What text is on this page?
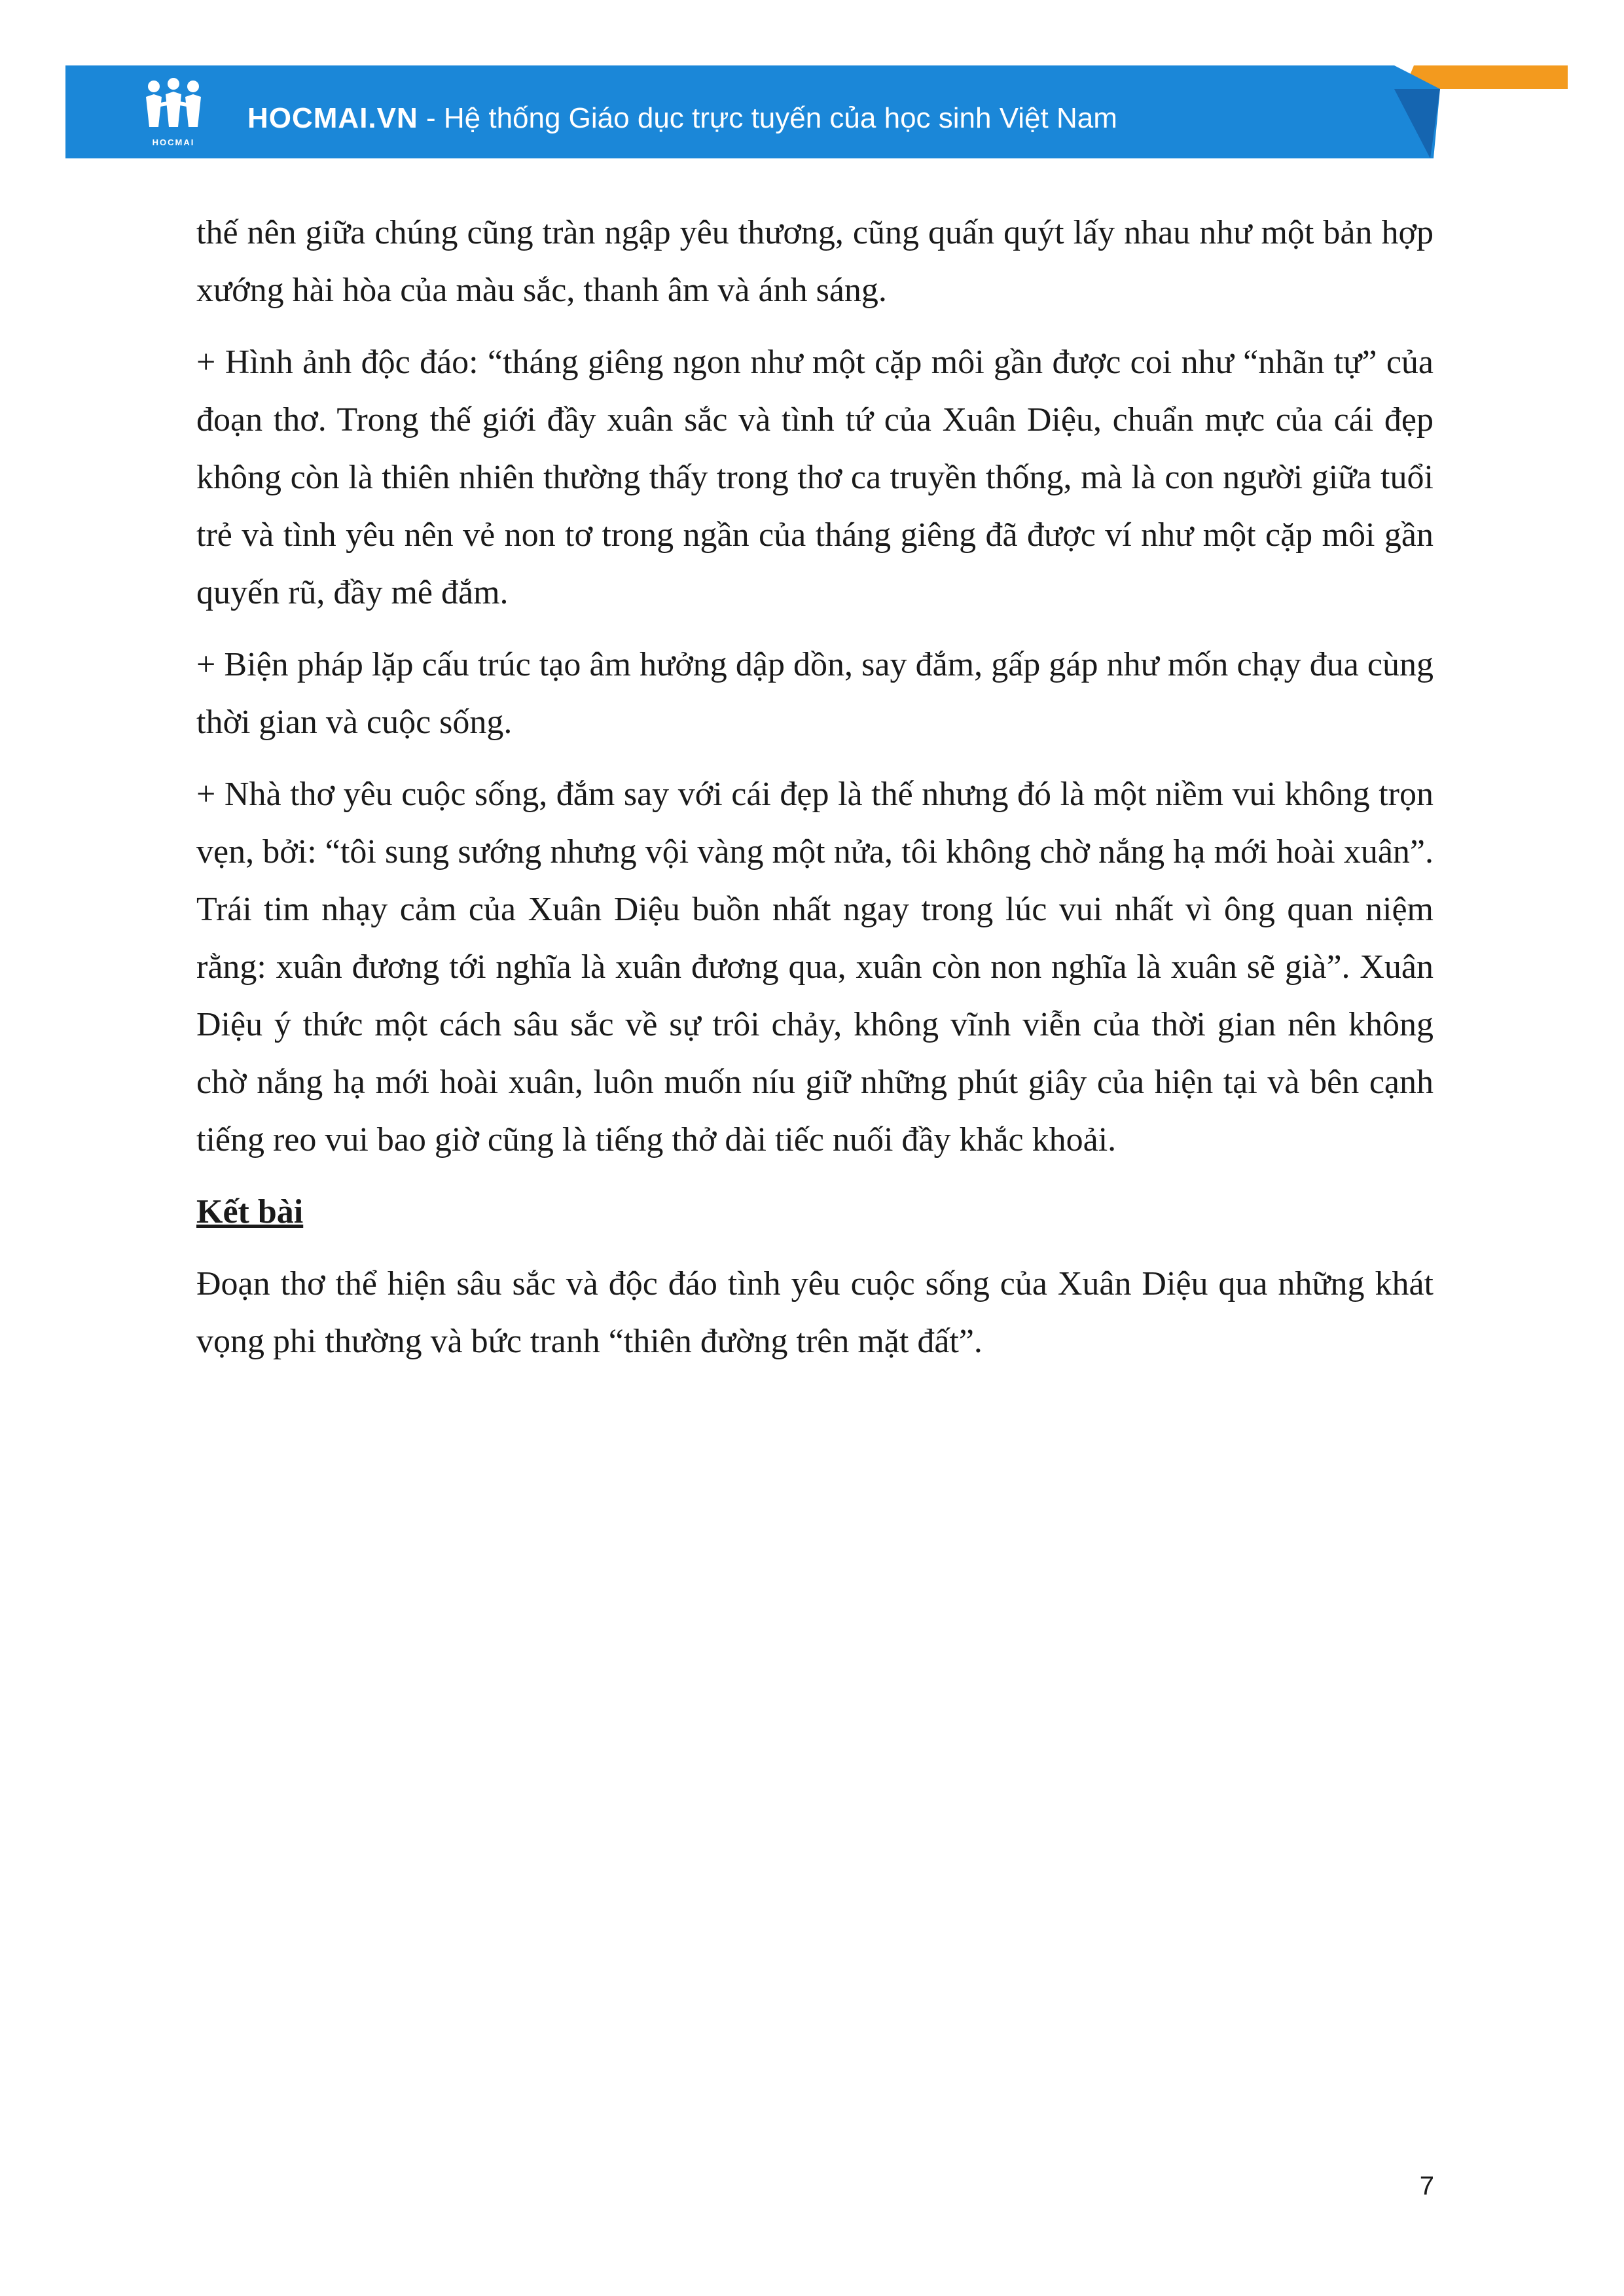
HOCMAI
HOCMAI.VN - Hệ thống Giáo dục trực tuyến của học sinh Việt Nam

thế nên giữa chúng cũng tràn ngập yêu thương, cũng quấn quýt lấy nhau như một bản hợp xướng hài hòa của màu sắc, thanh âm và ánh sáng.

+ Hình ảnh độc đáo: “tháng giêng ngon như một cặp môi gần được coi như “nhãn tự” của đoạn thơ. Trong thế giới đầy xuân sắc và tình tứ của Xuân Diệu, chuẩn mực của cái đẹp không còn là thiên nhiên thường thấy trong thơ ca truyền thống, mà là con người giữa tuổi trẻ và tình yêu nên vẻ non tơ trong ngần của tháng giêng đã được ví như một cặp môi gần quyến rũ, đầy mê đắm.

+ Biện pháp lặp cấu trúc tạo âm hưởng dập dồn, say đắm, gấp gáp như mốn chạy đua cùng thời gian và cuộc sống.

+ Nhà thơ yêu cuộc sống, đắm say với cái đẹp là thế nhưng đó là một niềm vui không trọn vẹn, bởi: “tôi sung sướng nhưng vội vàng một nửa, tôi không chờ nắng hạ mới hoài xuân”. Trái tim nhạy cảm của Xuân Diệu buồn nhất ngay trong lúc vui nhất vì ông quan niệm rằng: xuân đương tới nghĩa là xuân đương qua, xuân còn non nghĩa là xuân sẽ già”. Xuân Diệu ý thức một cách sâu sắc về sự trôi chảy, không vĩnh viễn của thời gian nên không chờ nắng hạ mới hoài xuân, luôn muốn níu giữ những phút giây của hiện tại và bên cạnh tiếng reo vui bao giờ cũng là tiếng thở dài tiếc nuối đầy khắc khoải.

Kết bài

Đoạn thơ thể hiện sâu sắc và độc đáo tình yêu cuộc sống của Xuân Diệu qua những khát vọng phi thường và bức tranh “thiên đường trên mặt đất”.

7
